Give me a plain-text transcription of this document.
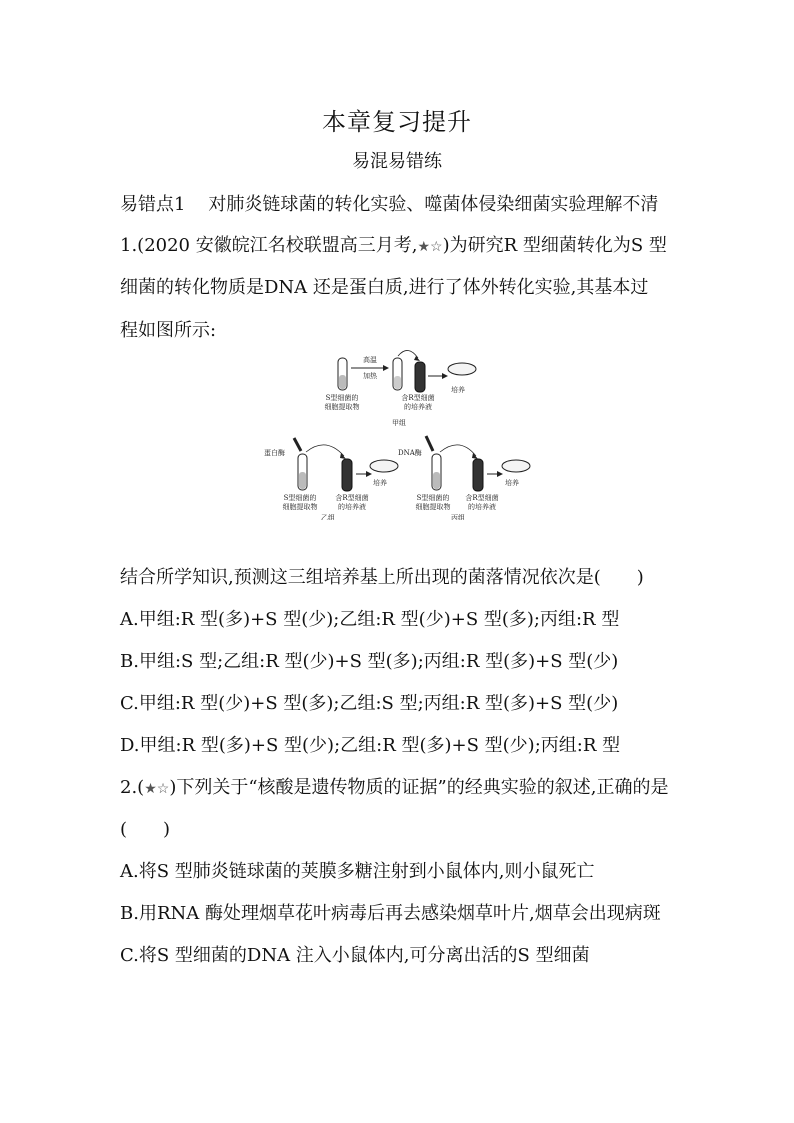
本章复习提升
易混易错练
易错点1 对肺炎链球菌的转化实验、噬菌体侵染细菌实验理解不清
1.(2020 安徽皖江名校联盟高三月考,★☆)为研究R 型细菌转化为S 型
细菌的转化物质是DNA 还是蛋白质,进行了体外转化实验,其基本过
程如图所示:
高温
加热
培养
S型细菌的
细胞提取物
含R型细菌
的培养液
甲组
蛋白酶
培养
S型细菌的
细胞提取物
含R型细菌
的培养液
乙组
DNA酶
培养
S型细菌的
细胞提取物
含R型细菌
的培养液
丙组
结合所学知识,预测这三组培养基上所出现的菌落情况依次是(　　)
A.甲组:R 型(多)+S 型(少);乙组:R 型(少)+S 型(多);丙组:R 型
B.甲组:S 型;乙组:R 型(少)+S 型(多);丙组:R 型(多)+S 型(少)
C.甲组:R 型(少)+S 型(多);乙组:S 型;丙组:R 型(多)+S 型(少)
D.甲组:R 型(多)+S 型(少);乙组:R 型(多)+S 型(少);丙组:R 型
2.(★☆)下列关于“核酸是遗传物质的证据”的经典实验的叙述,正确的是
(　　)
A.将S 型肺炎链球菌的荚膜多糖注射到小鼠体内,则小鼠死亡
B.用RNA 酶处理烟草花叶病毒后再去感染烟草叶片,烟草会出现病斑
C.将S 型细菌的DNA 注入小鼠体内,可分离出活的S 型细菌
